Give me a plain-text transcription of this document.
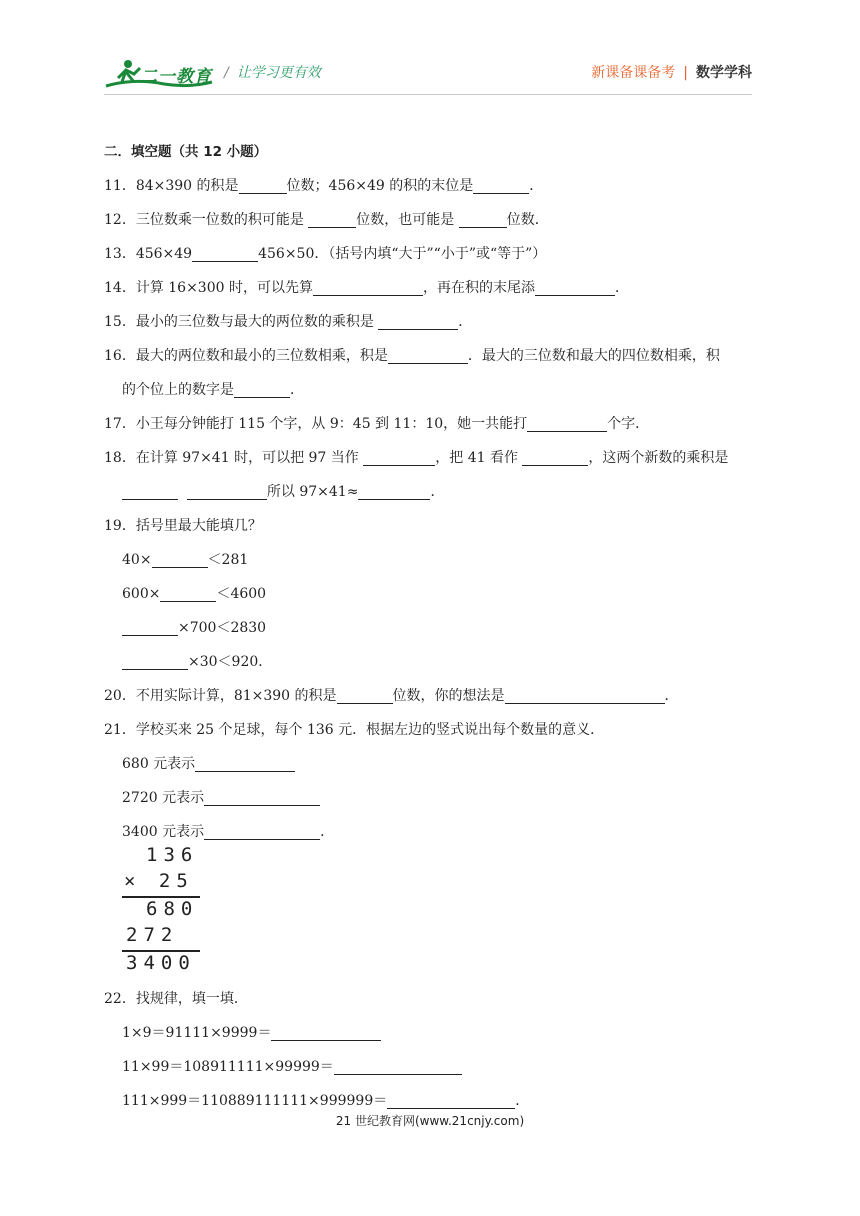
二一教育 / 让学习更有效	新课备课备考 | 数学学科
二．填空题（共 12 小题）
11．84×390 的积是	位数；456×49 的积的末位是	．
12．三位数乘一位数的积可能是	位数，也可能是	位数．
13．456×49	456×50．（括号内填“大于”“小于”或“等于”）
14．计算 16×300 时，可以先算	，再在积的末尾添	．
15．最小的三位数与最大的两位数的乘积是	．
16．最大的两位数和最小的三位数相乘，积是	．最大的三位数和最大的四位数相乘，积
的个位上的数字是	．
17．小王每分钟能打 115 个字，从 9：45 到 11：10，她一共能打	个字．
18．在计算 97×41 时，可以把 97 当作	，把 41 看作	，这两个新数的乘积是
所以 97×41≈	．
19．括号里最大能填几？
40×	＜281
600×	＜4600
×700＜2830
×30＜920．
20．不用实际计算，81×390 的积是	位数，你的想法是	．
21．学校买来 25 个足球，每个 136 元．根据左边的竖式说出每个数量的意义．
680 元表示
2720 元表示
3400 元表示	．
136
× 25
680
272
3400
22．找规律，填一填．
1×9＝91111×9999＝
11×99＝108911111×99999＝
111×999＝110889111111×999999＝	．
21 世纪教育网(www.21cnjy.com)
